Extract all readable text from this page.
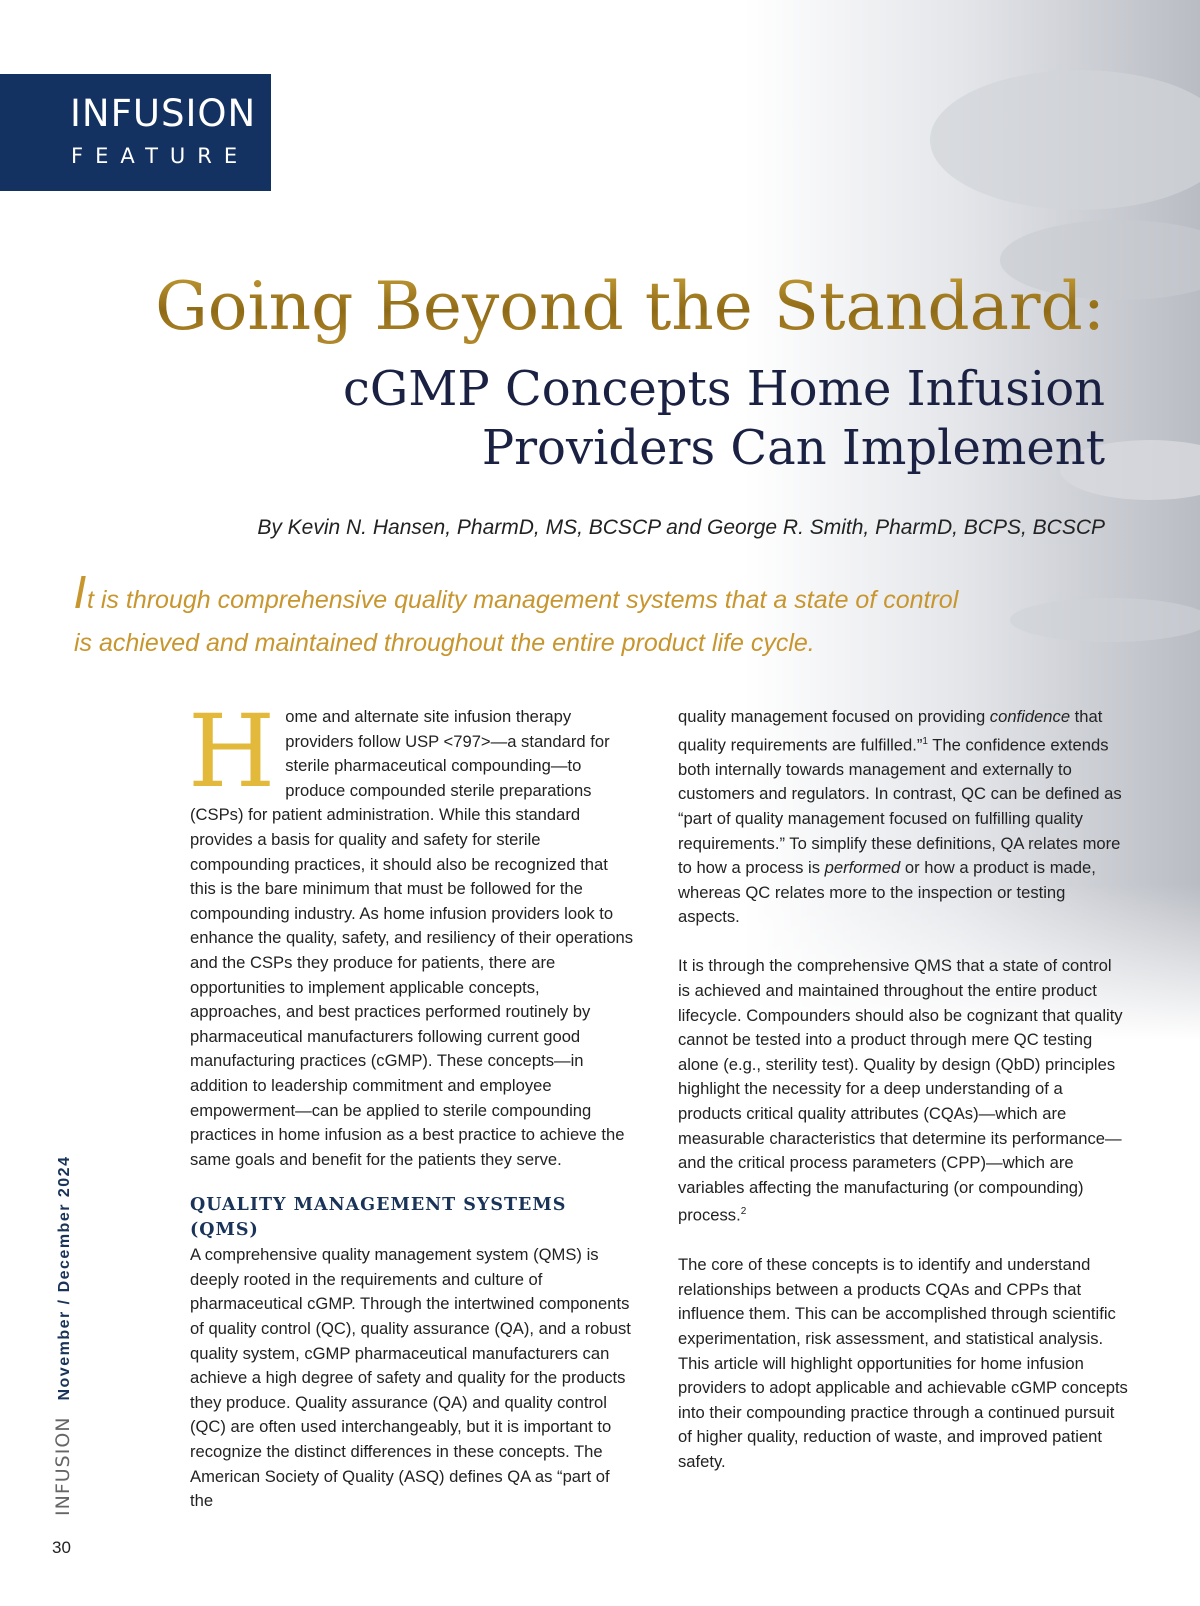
INFUSION
FEATURE
Going Beyond the Standard:
cGMP Concepts Home Infusion
Providers Can Implement
By Kevin N. Hansen, PharmD, MS, BCSCP and George R. Smith, PharmD, BCPS, BCSCP
It is through comprehensive quality management systems that a state of control is achieved and maintained throughout the entire product life cycle.

Home and alternate site infusion therapy providers follow USP <797>—a standard for sterile pharmaceutical compounding—to produce compounded sterile preparations (CSPs) for patient administration. While this standard provides a basis for quality and safety for sterile compounding practices, it should also be recognized that this is the bare minimum that must be followed for the compounding industry. As home infusion providers look to enhance the quality, safety, and resiliency of their operations and the CSPs they produce for patients, there are opportunities to implement applicable concepts, approaches, and best practices performed routinely by pharmaceutical manufacturers following current good manufacturing practices (cGMP). These concepts—in addition to leadership commitment and employee empowerment—can be applied to sterile compounding practices in home infusion as a best practice to achieve the same goals and benefit for the patients they serve.

QUALITY MANAGEMENT SYSTEMS (QMS)

A comprehensive quality management system (QMS) is deeply rooted in the requirements and culture of pharmaceutical cGMP. Through the intertwined components of quality control (QC), quality assurance (QA), and a robust quality system, cGMP pharmaceutical manufacturers can achieve a high degree of safety and quality for the products they produce. Quality assurance (QA) and quality control (QC) are often used interchangeably, but it is important to recognize the distinct differences in these concepts. The American Society of Quality (ASQ) defines QA as “part of the

quality management focused on providing confidence that quality requirements are fulfilled.”$^1$ The confidence extends both internally towards management and externally to customers and regulators. In contrast, QC can be defined as “part of quality management focused on fulfilling quality requirements.” To simplify these definitions, QA relates more to how a process is performed or how a product is made, whereas QC relates more to the inspection or testing aspects.

It is through the comprehensive QMS that a state of control is achieved and maintained throughout the entire product lifecycle. Compounders should also be cognizant that quality cannot be tested into a product through mere QC testing alone (e.g., sterility test). Quality by design (QbD) principles highlight the necessity for a deep understanding of a products critical quality attributes (CQAs)—which are measurable characteristics that determine its performance—and the critical process parameters (CPP)—which are variables affecting the manufacturing (or compounding) process.$^2$

The core of these concepts is to identify and understand relationships between a products CQAs and CPPs that influence them. This can be accomplished through scientific experimentation, risk assessment, and statistical analysis. This article will highlight opportunities for home infusion providers to adopt applicable and achievable cGMP concepts into their compounding practice through a continued pursuit of higher quality, reduction of waste, and improved patient safety.

INFUSIONNovember / December 2024
30
